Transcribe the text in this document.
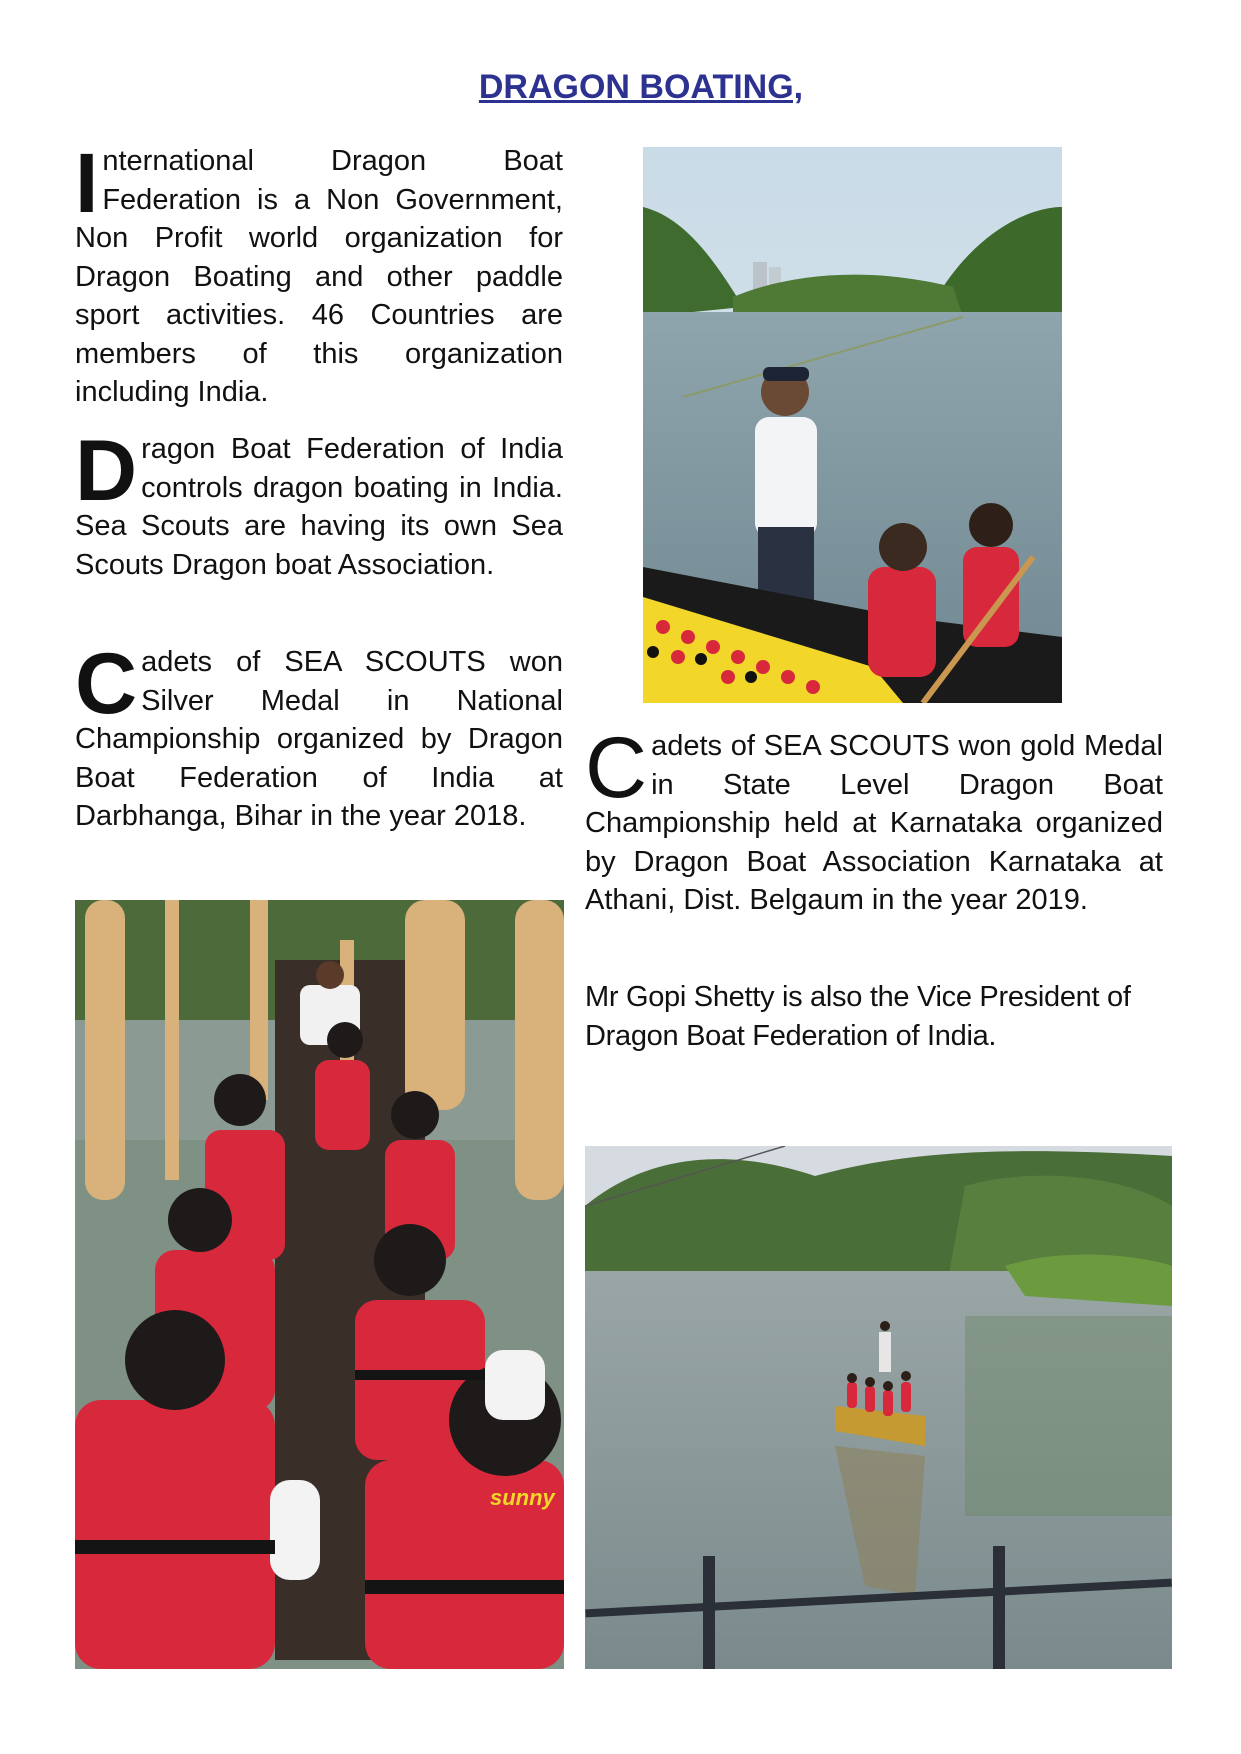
DRAGON BOATING,

International Dragon Boat Federation is a Non Government, Non Profit world organization for Dragon Boating and other paddle sport activities. 46 Countries are members of this organization including India.

Dragon Boat Federation of India controls dragon boating in India. Sea Scouts are having its own Sea Scouts Dragon boat Association.

Cadets of SEA SCOUTS won Silver Medal in National Championship organized by Dragon Boat Federation of India at Darbhanga, Bihar in the year 2018. Cadets of SEA SCOUTS won gold Medal in State Level Dragon Boat Championship held at Karnataka organized by Dragon Boat Association Karnataka at Athani, Dist. Belgaum in the year 2019.

Mr Gopi Shetty is also the Vice President of Dragon Boat Federation of India.

sunny
